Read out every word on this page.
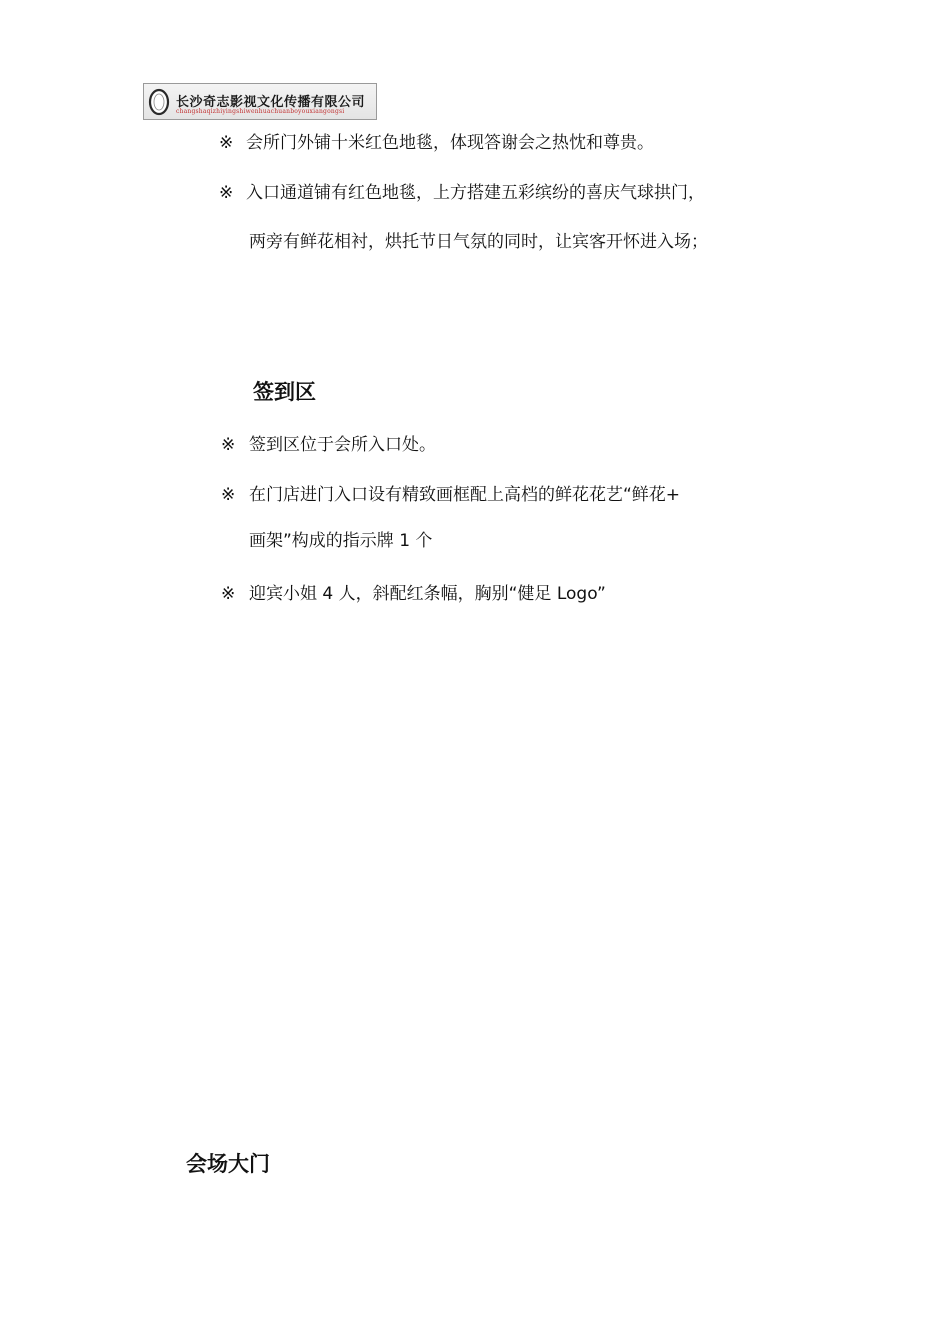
长沙奇志影视文化传播有限公司
changshaqizhiyingshiwenhuachuanboyouxiangongsi
※ 会所门外铺十米红色地毯，体现答谢会之热忱和尊贵。
※ 入口通道铺有红色地毯，上方搭建五彩缤纷的喜庆气球拱门，
两旁有鲜花相衬，烘托节日气氛的同时，让宾客开怀进入场；
签到区
※ 签到区位于会所入口处。
※ 在门店进门入口设有精致画框配上高档的鲜花花艺“鲜花+
画架”构成的指示牌 1 个
※ 迎宾小姐 4 人，斜配红条幅，胸别“健足 Logo”
会场大门
